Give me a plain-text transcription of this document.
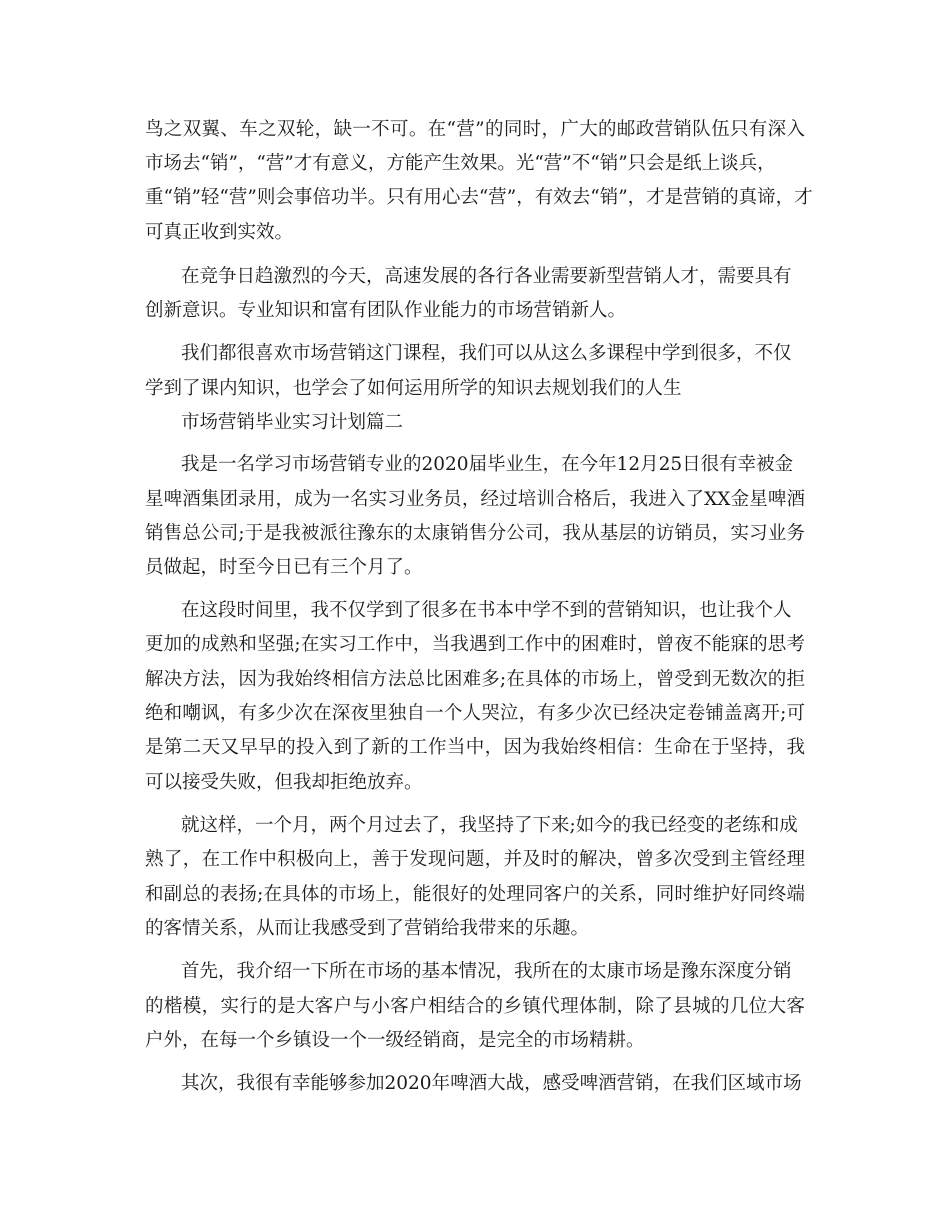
鸟之双翼、车之双轮，缺一不可。在“营”的同时，广大的邮政营销队伍只有深入
市场去“销”，“营”才有意义，方能产生效果。光“营”不“销”只会是纸上谈兵，
重“销”轻“营”则会事倍功半。只有用心去“营”，有效去“销”，才是营销的真谛，才
可真正收到实效。
在竞争日趋激烈的今天，高速发展的各行各业需要新型营销人才，需要具有
创新意识。专业知识和富有团队作业能力的市场营销新人。
我们都很喜欢市场营销这门课程，我们可以从这么多课程中学到很多，不仅
学到了课内知识，也学会了如何运用所学的知识去规划我们的人生
市场营销毕业实习计划篇二
我是一名学习市场营销专业的2020届毕业生，在今年12月25日很有幸被金
星啤酒集团录用，成为一名实习业务员，经过培训合格后，我进入了XX金星啤酒
销售总公司;于是我被派往豫东的太康销售分公司，我从基层的访销员，实习业务
员做起，时至今日已有三个月了。
在这段时间里，我不仅学到了很多在书本中学不到的营销知识，也让我个人
更加的成熟和坚强;在实习工作中，当我遇到工作中的困难时，曾夜不能寐的思考
解决方法，因为我始终相信方法总比困难多;在具体的市场上，曾受到无数次的拒
绝和嘲讽，有多少次在深夜里独自一个人哭泣，有多少次已经决定卷铺盖离开;可
是第二天又早早的投入到了新的工作当中，因为我始终相信：生命在于坚持，我
可以接受失败，但我却拒绝放弃。
就这样，一个月，两个月过去了，我坚持了下来;如今的我已经变的老练和成
熟了，在工作中积极向上，善于发现问题，并及时的解决，曾多次受到主管经理
和副总的表扬;在具体的市场上，能很好的处理同客户的关系，同时维护好同终端
的客情关系，从而让我感受到了营销给我带来的乐趣。
首先，我介绍一下所在市场的基本情况，我所在的太康市场是豫东深度分销
的楷模，实行的是大客户与小客户相结合的乡镇代理体制，除了县城的几位大客
户外，在每一个乡镇设一个一级经销商，是完全的市场精耕。
其次，我很有幸能够参加2020年啤酒大战，感受啤酒营销，在我们区域市场
